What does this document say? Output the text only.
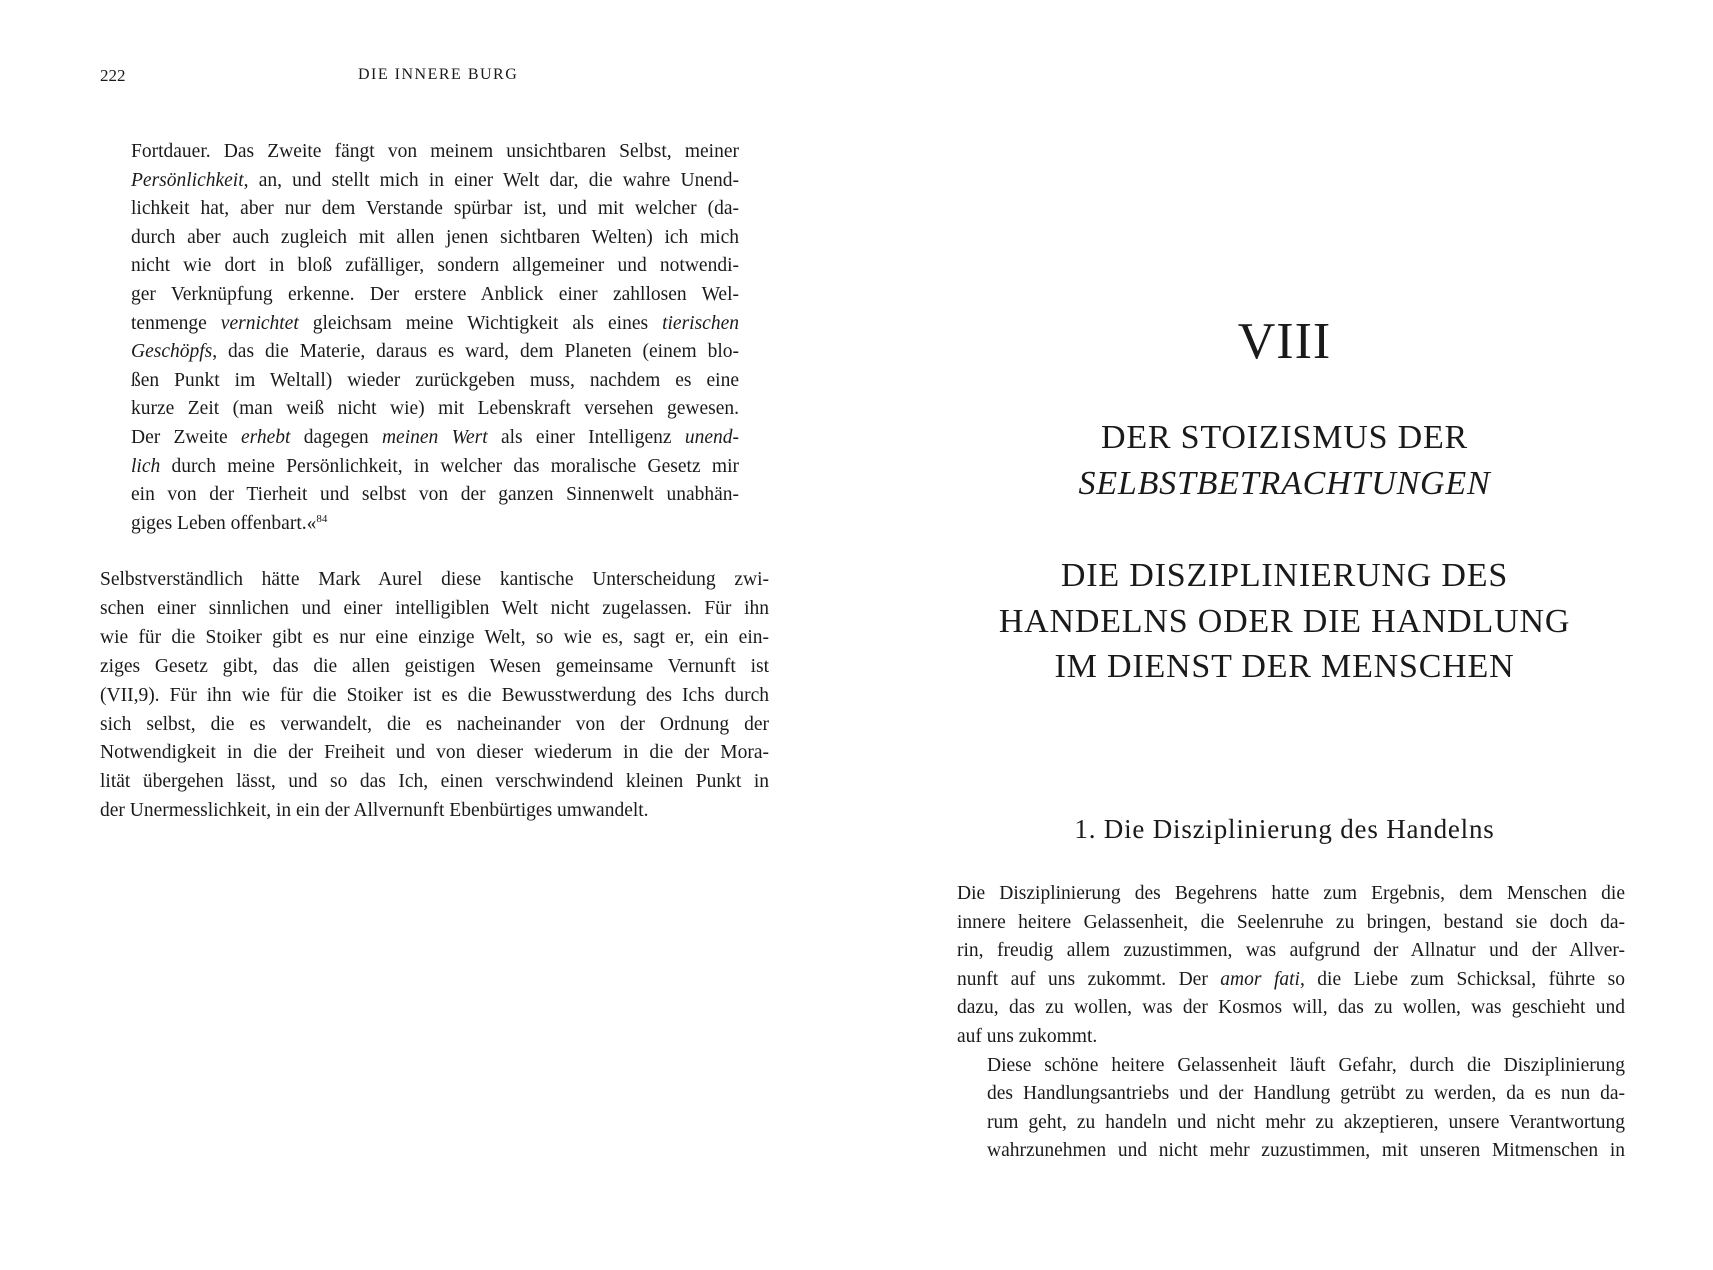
222	DIE INNERE BURG
Fortdauer. Das Zweite fängt von meinem unsichtbaren Selbst, meiner
Persönlichkeit, an, und stellt mich in einer Welt dar, die wahre Unend-
lichkeit hat, aber nur dem Verstande spürbar ist, und mit welcher (da-
durch aber auch zugleich mit allen jenen sichtbaren Welten) ich mich
nicht wie dort in bloß zufälliger, sondern allgemeiner und notwendi-
ger Verknüpfung erkenne. Der erstere Anblick einer zahllosen Wel-
tenmenge vernichtet gleichsam meine Wichtigkeit als eines tierischen
Geschöpfs, das die Materie, daraus es ward, dem Planeten (einem blo-
ßen Punkt im Weltall) wieder zurückgeben muss, nachdem es eine
kurze Zeit (man weiß nicht wie) mit Lebenskraft versehen gewesen.
Der Zweite erhebt dagegen meinen Wert als einer Intelligenz unend-
lich durch meine Persönlichkeit, in welcher das moralische Gesetz mir
ein von der Tierheit und selbst von der ganzen Sinnenwelt unabhän-
giges Leben offenbart.«$^{84}$
Selbstverständlich hätte Mark Aurel diese kantische Unterscheidung zwi-
schen einer sinnlichen und einer intelligiblen Welt nicht zugelassen. Für ihn
wie für die Stoiker gibt es nur eine einzige Welt, so wie es, sagt er, ein ein-
ziges Gesetz gibt, das die allen geistigen Wesen gemeinsame Vernunft ist
(VII,9). Für ihn wie für die Stoiker ist es die Bewusstwerdung des Ichs durch
sich selbst, die es verwandelt, die es nacheinander von der Ordnung der
Notwendigkeit in die der Freiheit und von dieser wiederum in die der Mora-
lität übergehen lässt, und so das Ich, einen verschwindend kleinen Punkt in
der Unermesslichkeit, in ein der Allvernunft Ebenbürtiges umwandelt.
VIII
DER STOIZISMUS DER
SELBSTBETRACHTUNGEN
DIE DISZIPLINIERUNG DES
HANDELNS ODER DIE HANDLUNG
IM DIENST DER MENSCHEN
1. Die Disziplinierung des Handelns

Die Disziplinierung des Begehrens hatte zum Ergebnis, dem Menschen die
innere heitere Gelassenheit, die Seelenruhe zu bringen, bestand sie doch da-
rin, freudig allem zuzustimmen, was aufgrund der Allnatur und der Allver-
nunft auf uns zukommt. Der amor fati, die Liebe zum Schicksal, führte so
dazu, das zu wollen, was der Kosmos will, das zu wollen, was geschieht und
auf uns zukommt.

Diese schöne heitere Gelassenheit läuft Gefahr, durch die Disziplinierung
des Handlungsantriebs und der Handlung getrübt zu werden, da es nun da-
rum geht, zu handeln und nicht mehr zu akzeptieren, unsere Verantwortung
wahrzunehmen und nicht mehr zuzustimmen, mit unseren Mitmenschen in
